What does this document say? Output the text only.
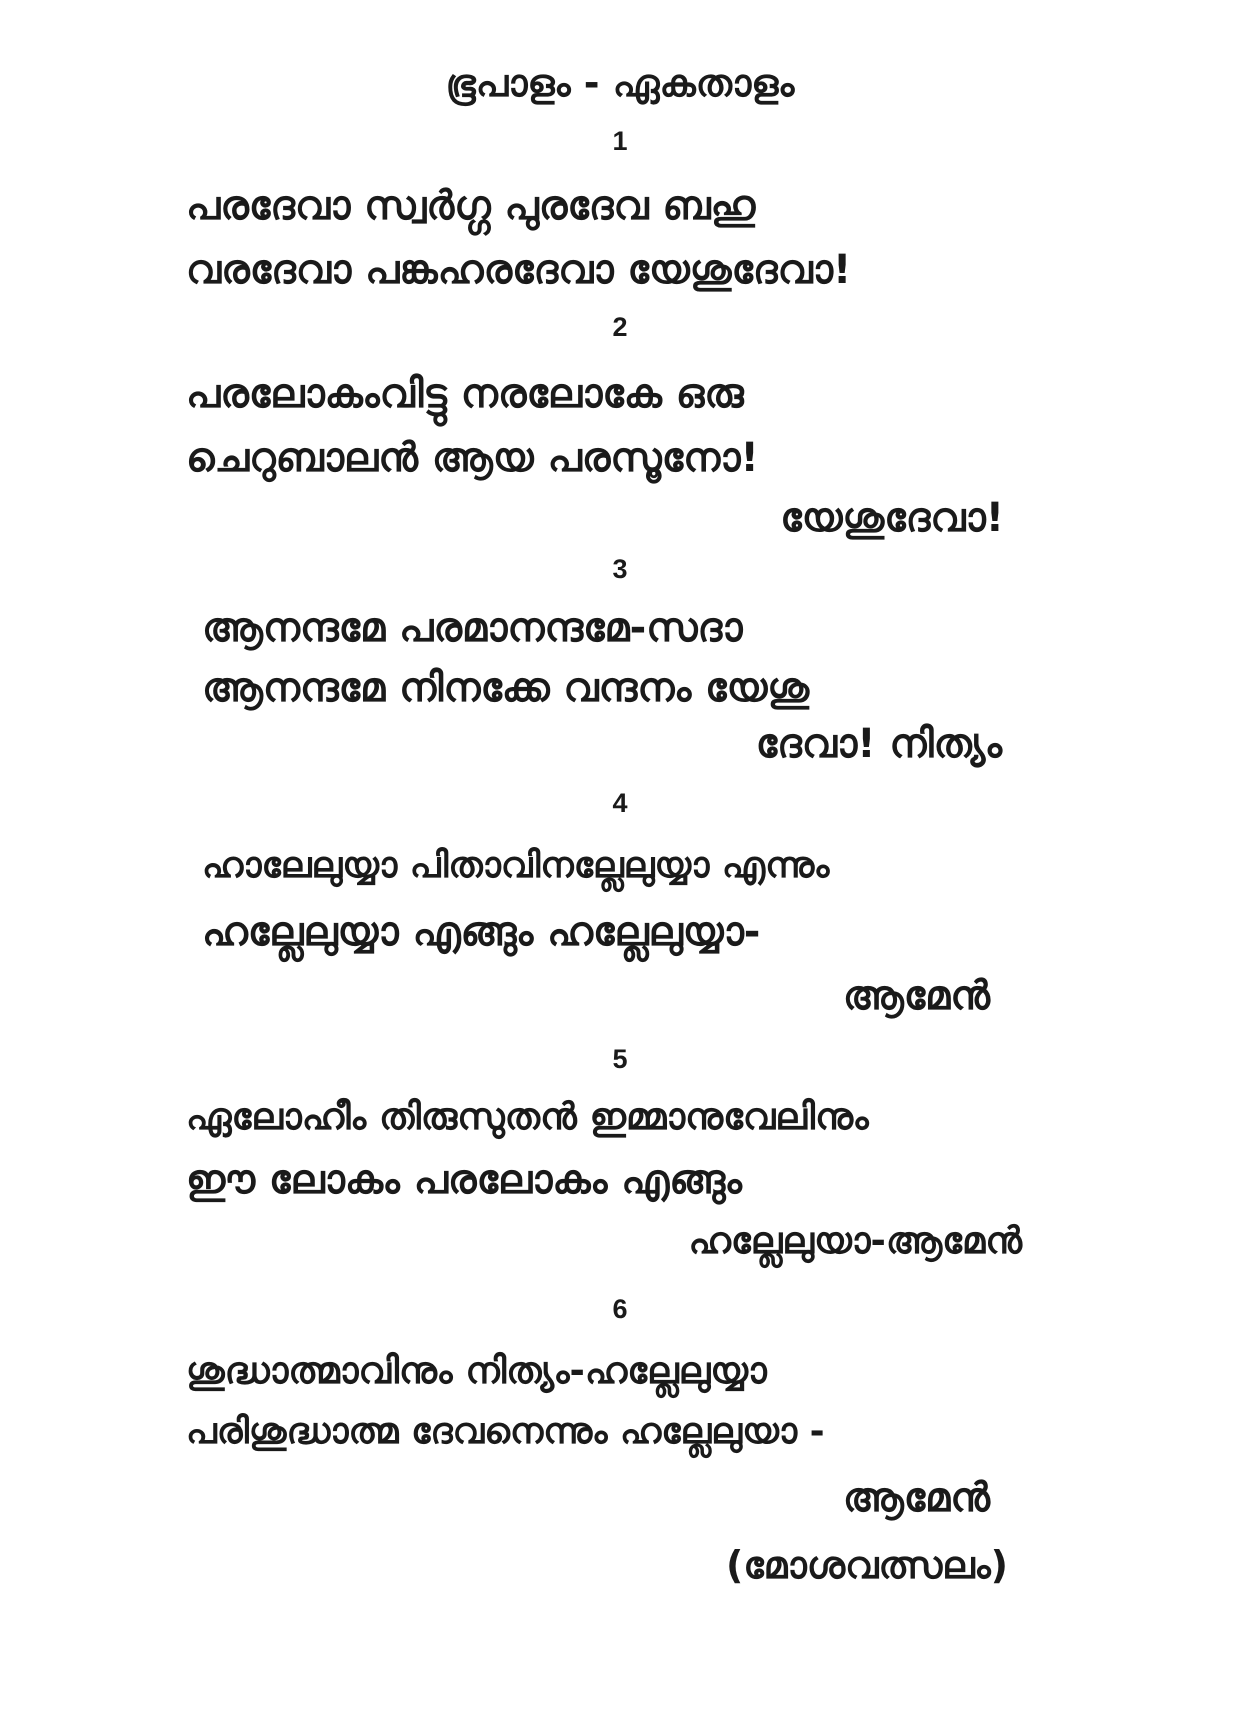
ഭൂപാളം - ഏകതാളം
1
പരദേവാ സ്വർഗ്ഗ പുരദേവ ബഹു
വരദേവാ പങ്കഹരദേവാ യേശുദേവാ!
2
പരലോകംവിട്ടു നരലോകേ ഒരു
ചെറുബാലൻ ആയ പരസൂനോ!
യേശുദേവാ!
3
ആനന്ദമേ പരമാനന്ദമേ-സദാ
ആനന്ദമേ നിനക്കേ വന്ദനം യേശു
ദേവാ! നിത്യം
4
ഹാലേലുയ്യാ പിതാവിനല്ലേലുയ്യാ എന്നും
ഹല്ലേലുയ്യാ എങ്ങും ഹല്ലേലുയ്യാ-
ആമേൻ
5
ഏലോഹീം തിരുസുതൻ ഇമ്മാനുവേലിനും
ഈ ലോകം പരലോകം എങ്ങും
ഹല്ലേലുയാ-ആമേൻ
6
ശുദ്ധാത്മാവിനും നിത്യം-ഹല്ലേലുയ്യാ
പരിശുദ്ധാത്മ ദേവനെന്നും ഹല്ലേലുയാ -
ആമേൻ
(മോശവത്സലം)
